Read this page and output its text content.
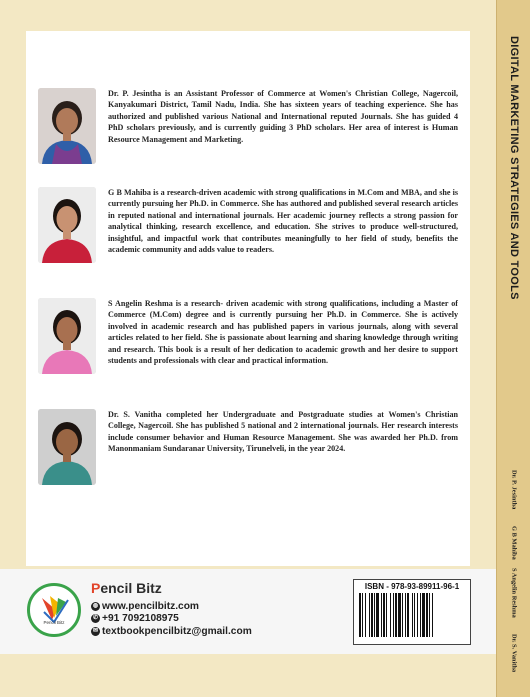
Dr. P. Jesintha is an Assistant Professor of Commerce at Women's Christian College, Nagercoil, Kanyakumari District, Tamil Nadu, India. She has sixteen years of teaching experience. She has authorized and published various National and International reputed Journals. She has guided 4 PhD scholars previously, and is currently guiding 3 PhD scholars. Her area of interest is Human Resource Management and Marketing.

G B Mahiba is a research-driven academic with strong qualifications in M.Com and MBA, and she is currently pursuing her Ph.D. in Commerce. She has authored and published several research articles in reputed national and international journals. Her academic journey reflects a strong passion for analytical thinking, research excellence, and education. She strives to produce well-structured, insightful, and impactful work that contributes meaningfully to her field of study, benefits the academic community and adds value to readers.

S Angelin Reshma is a research- driven academic with strong qualifications, including a Master of Commerce (M.Com) degree and is currently pursuing her Ph.D. in Commerce. She is actively involved in academic research and has published papers in various journals, along with several articles related to her field. She is passionate about learning and sharing knowledge through writing and research. This book is a result of her dedication to academic growth and her desire to support students and professionals with clear and practical information.

Dr. S. Vanitha completed her Undergraduate and Postgraduate studies at Women's Christian College, Nagercoil. She has published 5 national and 2 international journals. Her research interests include consumer behavior and Human Resource Management. She was awarded her Ph.D. from Manonmaniam Sundaranar University, Tirunelveli, in the year 2024.

Pencil Bitz
Pencil Bitz
◍ www.pencilbitz.com
✆ +91 7092108975
✉ textbookpencilbitz@gmail.com
ISBN - 978-93-89911-96-1
DIGITAL MARKETING STRATEGIES AND TOOLS
Dr. P. Jesintha
G B Mahiba
S Angelin Reshma
Dr. S. Vanitha
